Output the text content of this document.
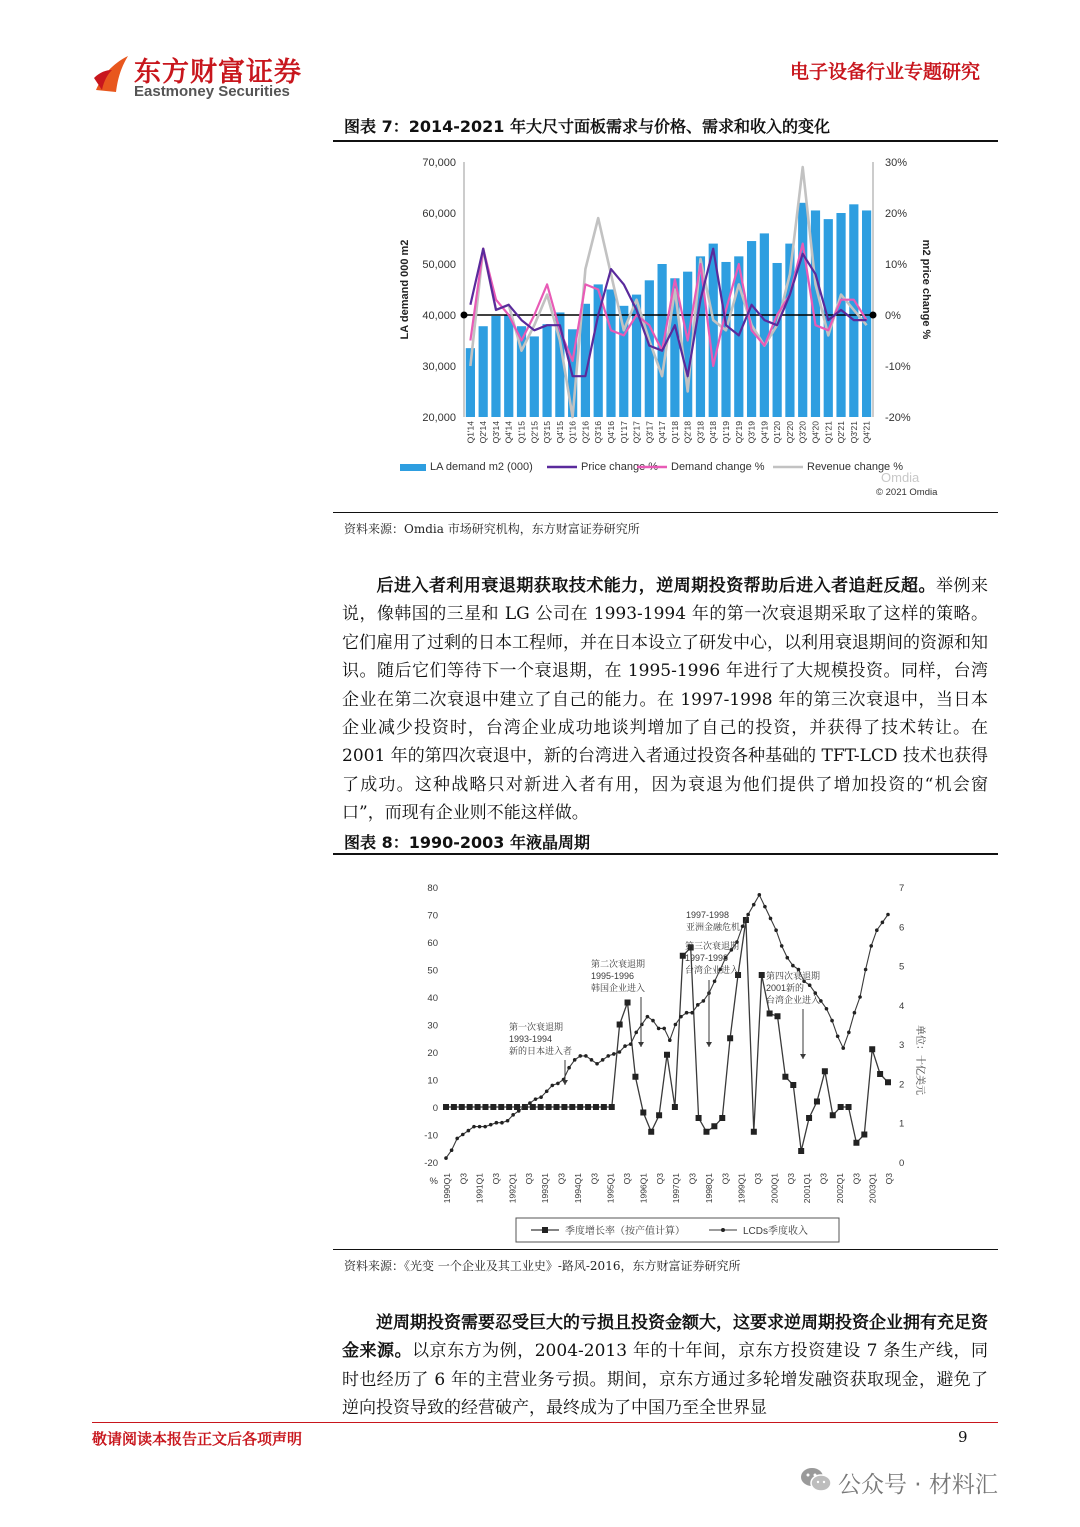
东方财富证券
Eastmoney Securities
电子设备行业专题研究
图表 7：2014-2021 年大尺寸面板需求与价格、需求和收入的变化
70,000
60,000
50,000
40,000
30,000
20,000
30%
20%
10%
0%
-10%
-20%
LA demand 000 m2	m2 price change %
Q1'14 Q2'14 Q3'14 Q4'14 Q1'15 Q2'15 Q3'15 Q4'15 Q1'16 Q2'16 Q3'16 Q4'16 Q1'17 Q2'17 Q3'17 Q4'17 Q1'18 Q2'18 Q3'18 Q4'18 Q1'19 Q2'19 Q3'19 Q4'19 Q1'20 Q2'20 Q3'20 Q4'20 Q1'21 Q2'21 Q3'21 Q4'21
LA demand m2 (000)	Price change % Demand change %	Revenue change %
Omdia
© 2021 Omdia
资料来源：Omdia 市场研究机构，东方财富证券研究所
后进入者利用衰退期获取技术能力，逆周期投资帮助后进入者追赶反超。举例来说，像韩国的三星和 LG 公司在 1993-1994 年的第一次衰退期采取了这样的策略。它们雇用了过剩的日本工程师，并在日本设立了研发中心，以利用衰退期间的资源和知识。随后它们等待下一个衰退期，在 1995-1996 年进行了大规模投资。同样，台湾企业在第二次衰退中建立了自己的能力。在 1997-1998 年的第三次衰退中，当日本企业减少投资时，台湾企业成功地谈判增加了自己的投资，并获得了技术转让。在 2001 年的第四次衰退中，新的台湾进入者通过投资各种基础的 TFT-LCD 技术也获得了成功。这种战略只对新进入者有用，因为衰退为他们提供了增加投资的“机会窗口”，而现有企业则不能这样做。
图表 8：1990-2003 年液晶周期
80
70
60
50
40
30
20
10
0
-10
-20
%
7
6
5
4
3
2
1
0
单位：十亿美元
1990Q1 Q3 1991Q1 Q3 1992Q1 Q3 1993Q1 Q3 1994Q1 Q3 1995Q1 Q3 1996Q1 Q3 1997Q1 Q3 1998Q1 Q3 1999Q1 Q3 2000Q1 Q3 2001Q1 Q3 2002Q1 Q3 2003Q1 Q3
第一次衰退期
1993-1994
新的日本进入者
第二次衰退期
1995-1996
韩国企业进入
1997-1998
亚洲金融危机
第三次衰退期
1997-1998
台湾企业进入
第四次衰退期
2001新的
台湾企业进入
季度增长率（按产值计算）	LCDs季度收入
资料来源：《光变 一个企业及其工业史》-路风-2016，东方财富证券研究所
逆周期投资需要忍受巨大的亏损且投资金额大，这要求逆周期投资企业拥有充足资金来源。以京东方为例，2004-2013 年的十年间，京东方投资建设 7 条生产线，同时也经历了 6 年的主营业务亏损。期间，京东方通过多轮增发融资获取现金，避免了逆向投资导致的经营破产，最终成为了中国乃至全世界显
敬请阅读本报告正文后各项声明	9
公众号 · 材料汇
